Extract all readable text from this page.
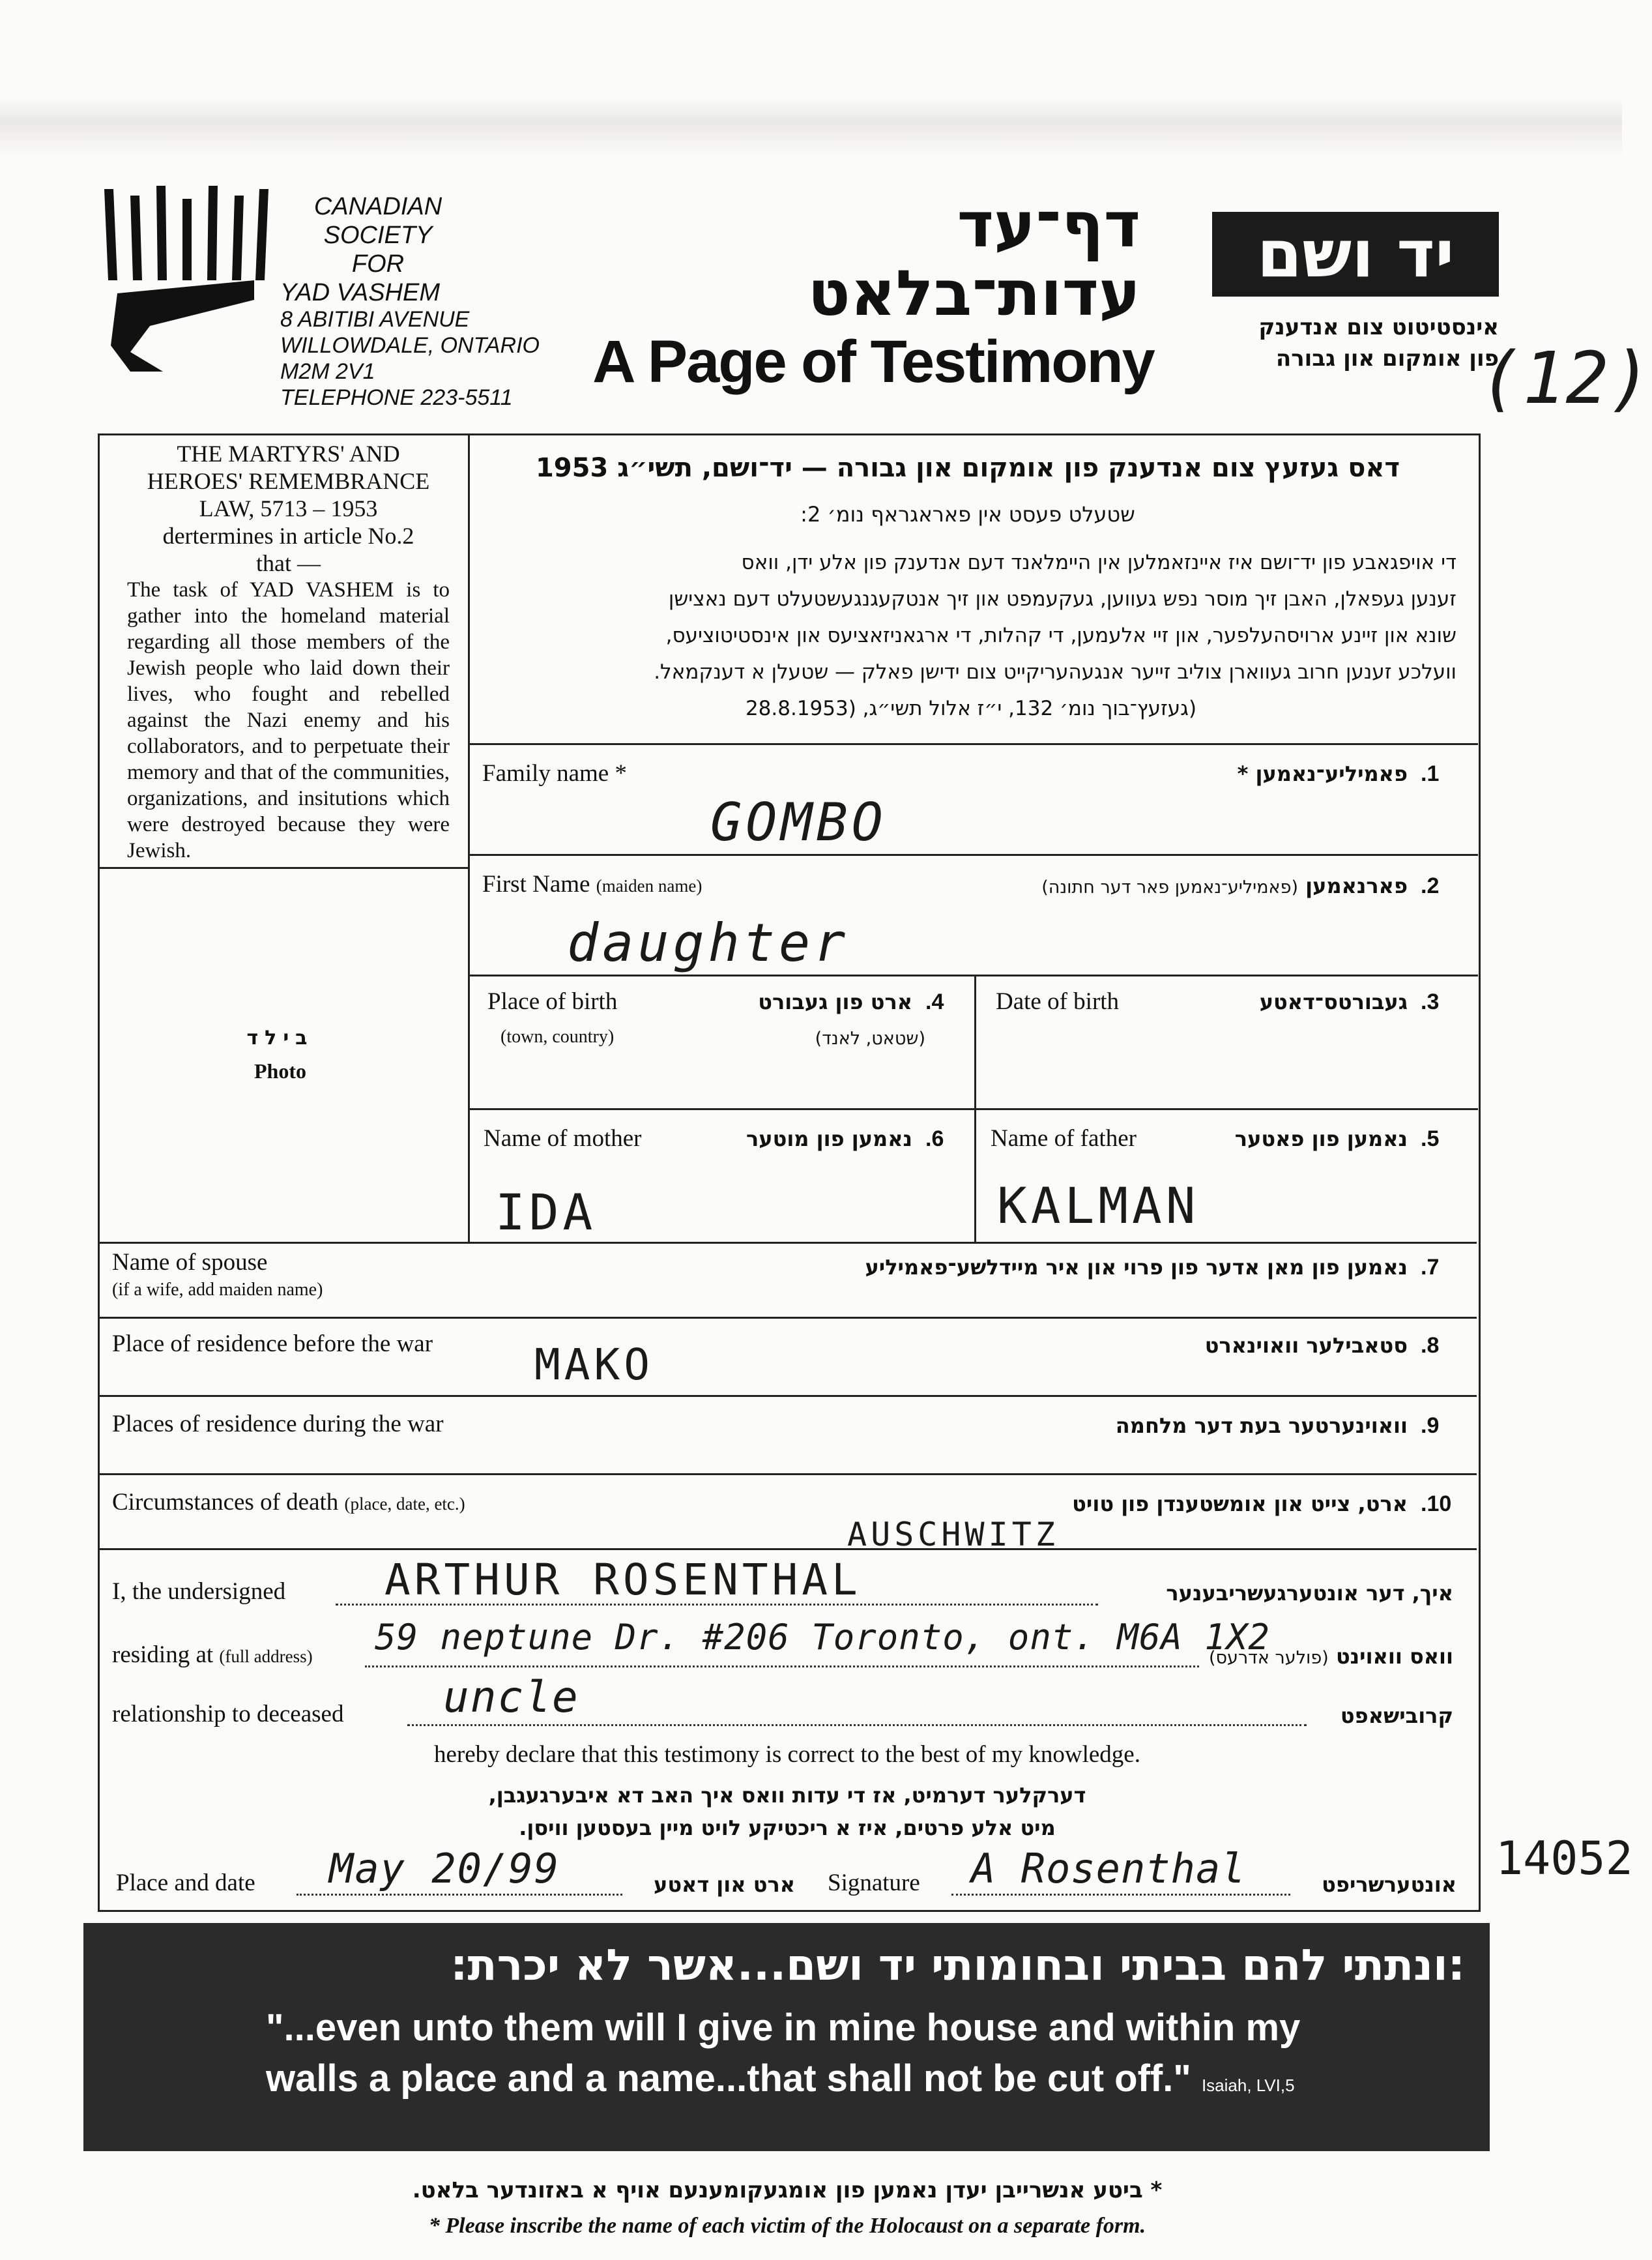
CANADIAN
SOCIETY
FOR
YAD VASHEM
8 ABITIBI AVENUE
WILLOWDALE, ONTARIO
M2M 2V1
TELEPHONE 223-5511
דף־עד
עדות־בלאט
A Page of Testimony
יד ושם
אינסטיטוט צום אנדענק
פון אומקום און גבורה
(12)
THE MARTYRS' AND
HEROES' REMEMBRANCE
LAW, 5713 – 1953
dertermines in article No.2
that —
The task of YAD VASHEM is to gather into the homeland material regarding all those members of the Jewish people who laid down their lives, who fought and rebelled against the Nazi enemy and his collaborators, and to perpetuate their memory and that of the communities, organizations, and insitutions which were destroyed because they were Jewish.
בילד
Photo
דאס געזעץ צום אנדענק פון אומקום און גבורה — יד־ושם, תשי״ג 1953
שטעלט פעסט אין פאראגראף נומ׳ 2:
די אויפגאבע פון יד־ושם איז איינזאמלען אין היימלאנד דעם אנדענק פון אלע ידן, וואס
זענען געפאלן, האבן זיך מוסר נפש געווען, געקעמפט און זיך אנטקעגנגעשטעלט דעם נאצישן
שונא און זיינע ארויסהעלפער, און זיי אלעמען, די קהלות, די ארגאניזאציעס און אינסטיטוציעס,
וועלכע זענען חרוב געווארן צוליב זייער אנגעהעריקייט צום ידישן פאלק — שטעלן א דענקמאל.
(געזעץ־בוך נומ׳ 132, י״ז אלול תשי״ג, (28.8.1953
Family name *	פאמיליע־נאמען * .1
GOMBO
First Name (maiden name)	פארנאמען (פאמיליע־נאמען פאר דער חתונה)	.2
daughter
Place of birth
(town, country)
ארט פון געבורט .4
(שטאט, לאנד)
Date of birth	געבורטס־דאטע .3
Name of mother	נאמען פון מוטער .6
IDA
Name of father	נאמען פון פאטער .5
KALMAN
Name of spouse
(if a wife, add maiden name)
נאמען פון מאן אדער פון פרוי און איר מיידלשע־פאמיליע .7
Place of residence before the war	סטאבילער וואוינארט .8
MAKO
Places of residence during the war	וואוינערטער בעת דער מלחמה .9
Circumstances of death (place, date, etc.)	ארט, צייט און אומשטענדן פון טויט .10
AUSCHWITZ
I, the undersigned ARTHUR ROSENTHAL	איך, דער אונטערגעשריבענער
residing at (full address) 59 neptune Dr. #206 Toronto, ont. M6A 1X2	וואס וואוינט (פולער אדרעס)
relationship to deceased uncle	קרובישאפט
hereby declare that this testimony is correct to the best of my knowledge.
דערקלער דערמיט, אז די עדות וואס איך האב דא איבערגעגבן,
מיט אלע פרטים, איז א ריכטיקע לויט מיין בעסטען וויסן.
Place and date May 20/99	ארט און דאטע Signature A Rosenthal	אונטערשריפט 14052
:ונתתי להם בביתי ובחומותי יד ושם...אשר לא יכרת:
"...even unto them will I give in mine house and within my
walls a place and a name...that shall not be cut off." Isaiah, LVI,5
* ביטע אנשרייבן יעדן נאמען פון אומגעקומענעם אויף א באזונדער בלאט.
* Please inscribe the name of each victim of the Holocaust on a separate form.
